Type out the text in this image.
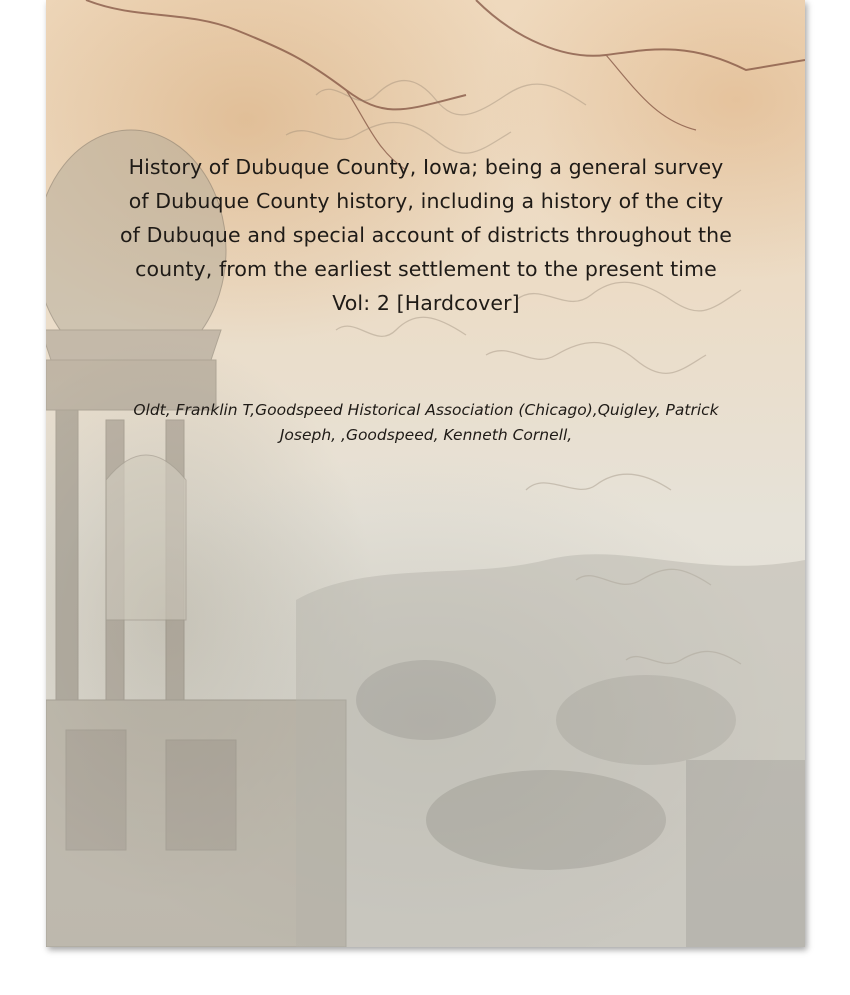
History of Dubuque County, Iowa; being a general survey of Dubuque County history, including a history of the city of Dubuque and special account of districts throughout the county, from the earliest settlement to the present time Vol: 2 [Hardcover]
Oldt, Franklin T,Goodspeed Historical Association (Chicago),Quigley, Patrick Joseph, ,Goodspeed, Kenneth Cornell,
